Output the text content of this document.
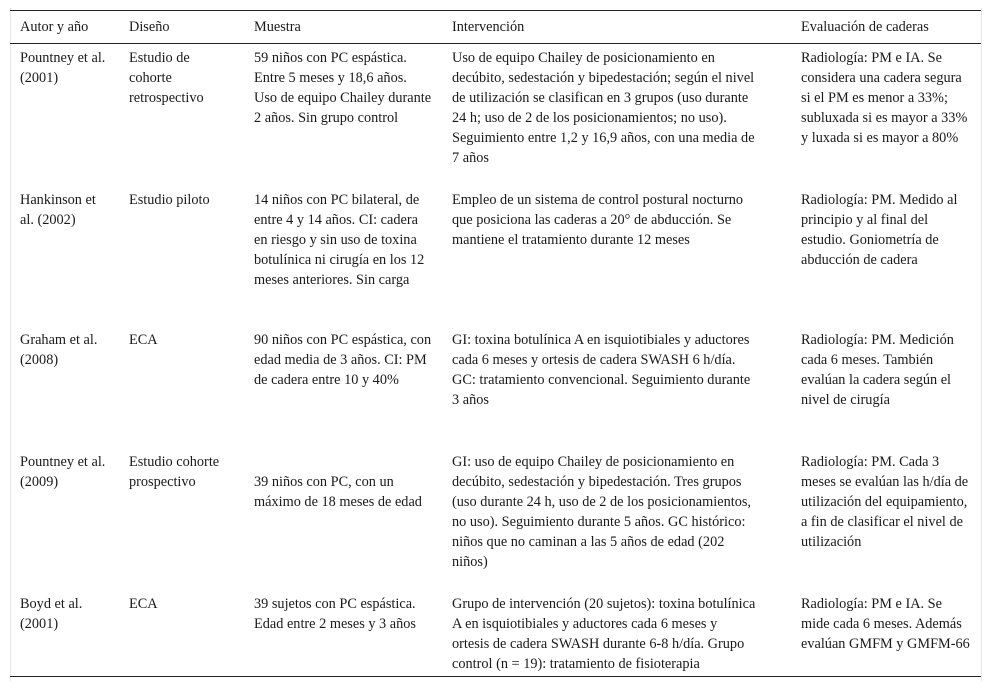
Autor y año	Diseño	Muestra	Intervención	Evaluación de caderas
Pountney et al. (2001)	Estudio de cohorte retrospectivo	59 niños con PC espástica. Entre 5 meses y 18,6 años. Uso de equipo Chailey durante 2 años. Sin grupo control	Uso de equipo Chailey de posicionamiento en decúbito, sedestación y bipedestación; según el nivel de utilización se clasifican en 3 grupos (uso durante 24 h; uso de 2 de los posicionamientos; no uso). Seguimiento entre 1,2 y 16,9 años, con una media de 7 años	Radiología: PM e IA. Se considera una cadera segura si el PM es menor a 33%; subluxada si es mayor a 33% y luxada si es mayor a 80%
Hankinson et al. (2002)	Estudio piloto	14 niños con PC bilateral, de entre 4 y 14 años. CI: cadera en riesgo y sin uso de toxina botulínica ni cirugía en los 12 meses anteriores. Sin carga	Empleo de un sistema de control postural nocturno que posiciona las caderas a 20° de abducción. Se mantiene el tratamiento durante 12 meses	Radiología: PM. Medido al principio y al final del estudio. Goniometría de abducción de cadera
Graham et al. (2008)	ECA	90 niños con PC espástica, con edad media de 3 años. CI: PM de cadera entre 10 y 40%	GI: toxina botulínica A en isquiotibiales y aductores cada 6 meses y ortesis de cadera SWASH 6 h/día. GC: tratamiento convencional. Seguimiento durante 3 años	Radiología: PM. Medición cada 6 meses. También evalúan la cadera según el nivel de cirugía
Pountney et al. (2009)	Estudio cohorte prospectivo	39 niños con PC, con un máximo de 18 meses de edad	GI: uso de equipo Chailey de posicionamiento en decúbito, sedestación y bipedestación. Tres grupos (uso durante 24 h, uso de 2 de los posicionamientos, no uso). Seguimiento durante 5 años. GC histórico: niños que no caminan a las 5 años de edad (202 niños)	Radiología: PM. Cada 3 meses se evalúan las h/día de utilización del equipamiento, a fin de clasificar el nivel de utilización
Boyd et al. (2001)	ECA	39 sujetos con PC espástica. Edad entre 2 meses y 3 años	Grupo de intervención (20 sujetos): toxina botulínica A en isquiotibiales y aductores cada 6 meses y ortesis de cadera SWASH durante 6-8 h/día. Grupo control (n = 19): tratamiento de fisioterapia	Radiología: PM e IA. Se mide cada 6 meses. Además evalúan GMFM y GMFM-66
